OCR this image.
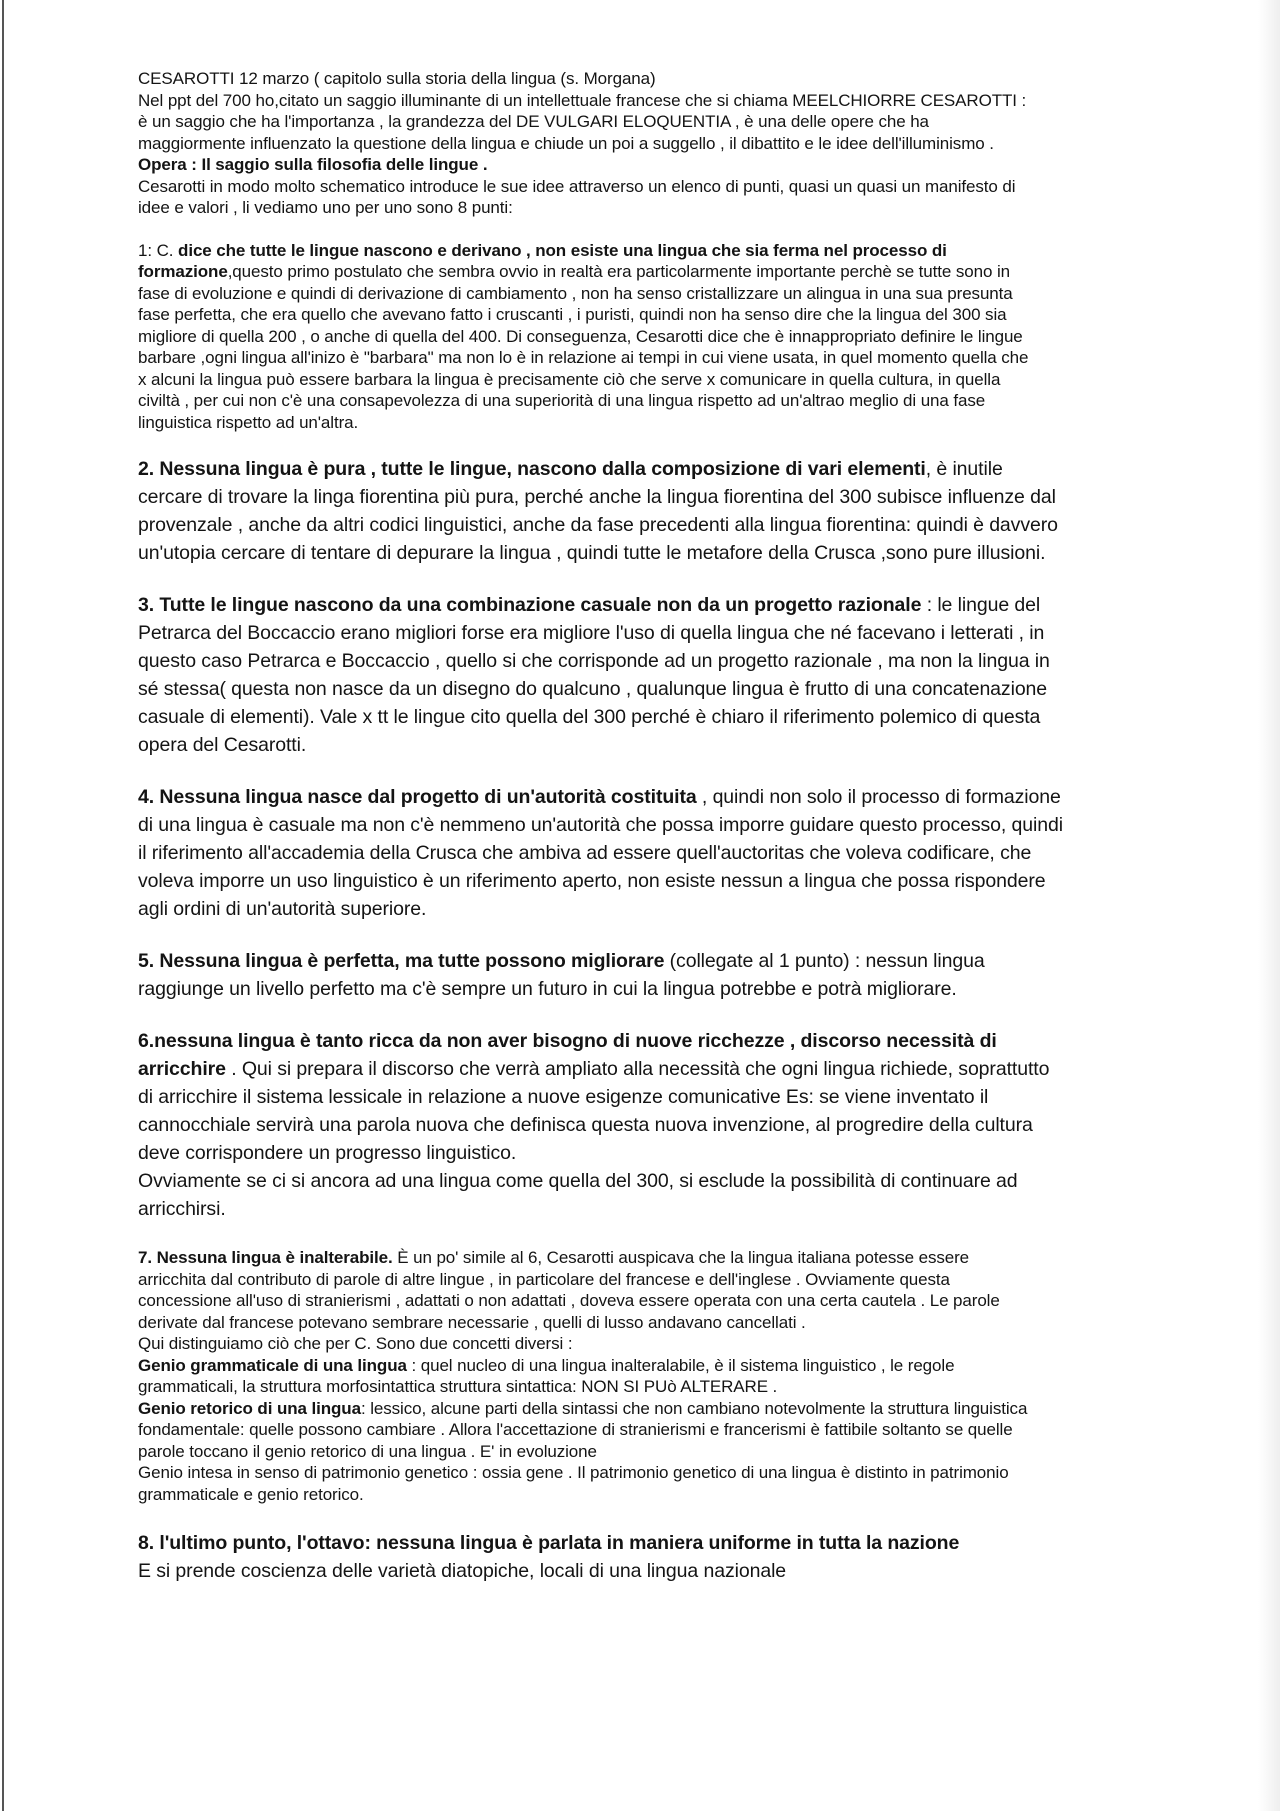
CESAROTTI 12 marzo ( capitolo sulla storia della lingua (s. Morgana)

Nel ppt del 700 ho,citato un saggio illuminante di un intellettuale francese che si chiama MEELCHIORRE CESAROTTI :

è un saggio che ha l'importanza , la grandezza del DE VULGARI ELOQUENTIA , è una delle opere che ha

maggiormente influenzato la questione della lingua e chiude un poi a suggello , il dibattito e le idee dell'illuminismo .

Opera : Il saggio sulla filosofia delle lingue .

Cesarotti in modo molto schematico introduce le sue idee attraverso un elenco di punti, quasi un quasi un manifesto di

idee e valori , li vediamo uno per uno sono 8 punti:

1: C. dice che tutte le lingue nascono e derivano , non esiste una lingua che sia ferma nel processo di

formazione,questo primo postulato che sembra ovvio in realtà era particolarmente importante perchè se tutte sono in

fase di evoluzione e quindi di derivazione di cambiamento , non ha senso cristallizzare un alingua in una sua presunta

fase perfetta, che era quello che avevano fatto i cruscanti , i puristi, quindi non ha senso dire che la lingua del 300 sia

migliore di quella 200 , o anche di quella del 400. Di conseguenza, Cesarotti dice che è innappropriato definire le lingue

barbare ,ogni lingua all'inizo è "barbara" ma non lo è in relazione ai tempi in cui viene usata, in quel momento quella che

x alcuni la lingua può essere barbara la lingua è precisamente ciò che serve x comunicare in quella cultura, in quella

civiltà , per cui non c'è una consapevolezza di una superiorità di una lingua rispetto ad un'altrao meglio di una fase

linguistica rispetto ad un'altra.

2. Nessuna lingua è pura , tutte le lingue, nascono dalla composizione di vari elementi, è inutile

cercare di trovare la linga fiorentina più pura, perché anche la lingua fiorentina del 300 subisce influenze dal

provenzale , anche da altri codici linguistici, anche da fase precedenti alla lingua fiorentina: quindi è davvero

un'utopia cercare di tentare di depurare la lingua , quindi tutte le metafore della Crusca ,sono pure illusioni.

3. Tutte le lingue nascono da una combinazione casuale non da un progetto razionale : le lingue del

Petrarca del Boccaccio erano migliori forse era migliore l'uso di quella lingua che né facevano i letterati , in

questo caso Petrarca e Boccaccio , quello si che corrisponde ad un progetto razionale , ma non la lingua in

sé stessa( questa non nasce da un disegno do qualcuno , qualunque lingua è frutto di una concatenazione

casuale di elementi). Vale x tt le lingue cito quella del 300 perché è chiaro il riferimento polemico di questa

opera del Cesarotti.

4. Nessuna lingua nasce dal progetto di un'autorità costituita , quindi non solo il processo di formazione

di una lingua è casuale ma non c'è nemmeno un'autorità che possa imporre guidare questo processo, quindi

il riferimento all'accademia della Crusca che ambiva ad essere quell'auctoritas che voleva codificare, che

voleva imporre un uso linguistico è un riferimento aperto, non esiste nessun a lingua che possa rispondere

agli ordini di un'autorità superiore.

5. Nessuna lingua è perfetta, ma tutte possono migliorare (collegate al 1 punto) : nessun lingua

raggiunge un livello perfetto ma c'è sempre un futuro in cui la lingua potrebbe e potrà migliorare.

6.nessuna lingua è tanto ricca da non aver bisogno di nuove ricchezze , discorso necessità di

arricchire . Qui si prepara il discorso che verrà ampliato alla necessità che ogni lingua richiede, soprattutto

di arricchire il sistema lessicale in relazione a nuove esigenze comunicative Es: se viene inventato il

cannocchiale servirà una parola nuova che definisca questa nuova invenzione, al progredire della cultura

deve corrispondere un progresso linguistico.

Ovviamente se ci si ancora ad una lingua come quella del 300, si esclude la possibilità di continuare ad

arricchirsi.

7. Nessuna lingua è inalterabile. È un po' simile al 6, Cesarotti auspicava che la lingua italiana potesse essere

arricchita dal contributo di parole di altre lingue , in particolare del francese e dell'inglese . Ovviamente questa

concessione all'uso di stranierismi , adattati o non adattati , doveva essere operata con una certa cautela . Le parole

derivate dal francese potevano sembrare necessarie , quelli di lusso andavano cancellati .

Qui distinguiamo ciò che per C. Sono due concetti diversi :

Genio grammaticale di una lingua : quel nucleo di una lingua inalteralabile, è il sistema linguistico , le regole

grammaticali, la struttura morfosintattica struttura sintattica: NON SI PUò ALTERARE .

Genio retorico di una lingua: lessico, alcune parti della sintassi che non cambiano notevolmente la struttura linguistica

fondamentale: quelle possono cambiare . Allora l'accettazione di stranierismi e francerismi è fattibile soltanto se quelle

parole toccano il genio retorico di una lingua . E' in evoluzione

Genio intesa in senso di patrimonio genetico : ossia gene . Il patrimonio genetico di una lingua è distinto in patrimonio

grammaticale e genio retorico.

8. l'ultimo punto, l'ottavo: nessuna lingua è parlata in maniera uniforme in tutta la nazione

E si prende coscienza delle varietà diatopiche, locali di una lingua nazionale
